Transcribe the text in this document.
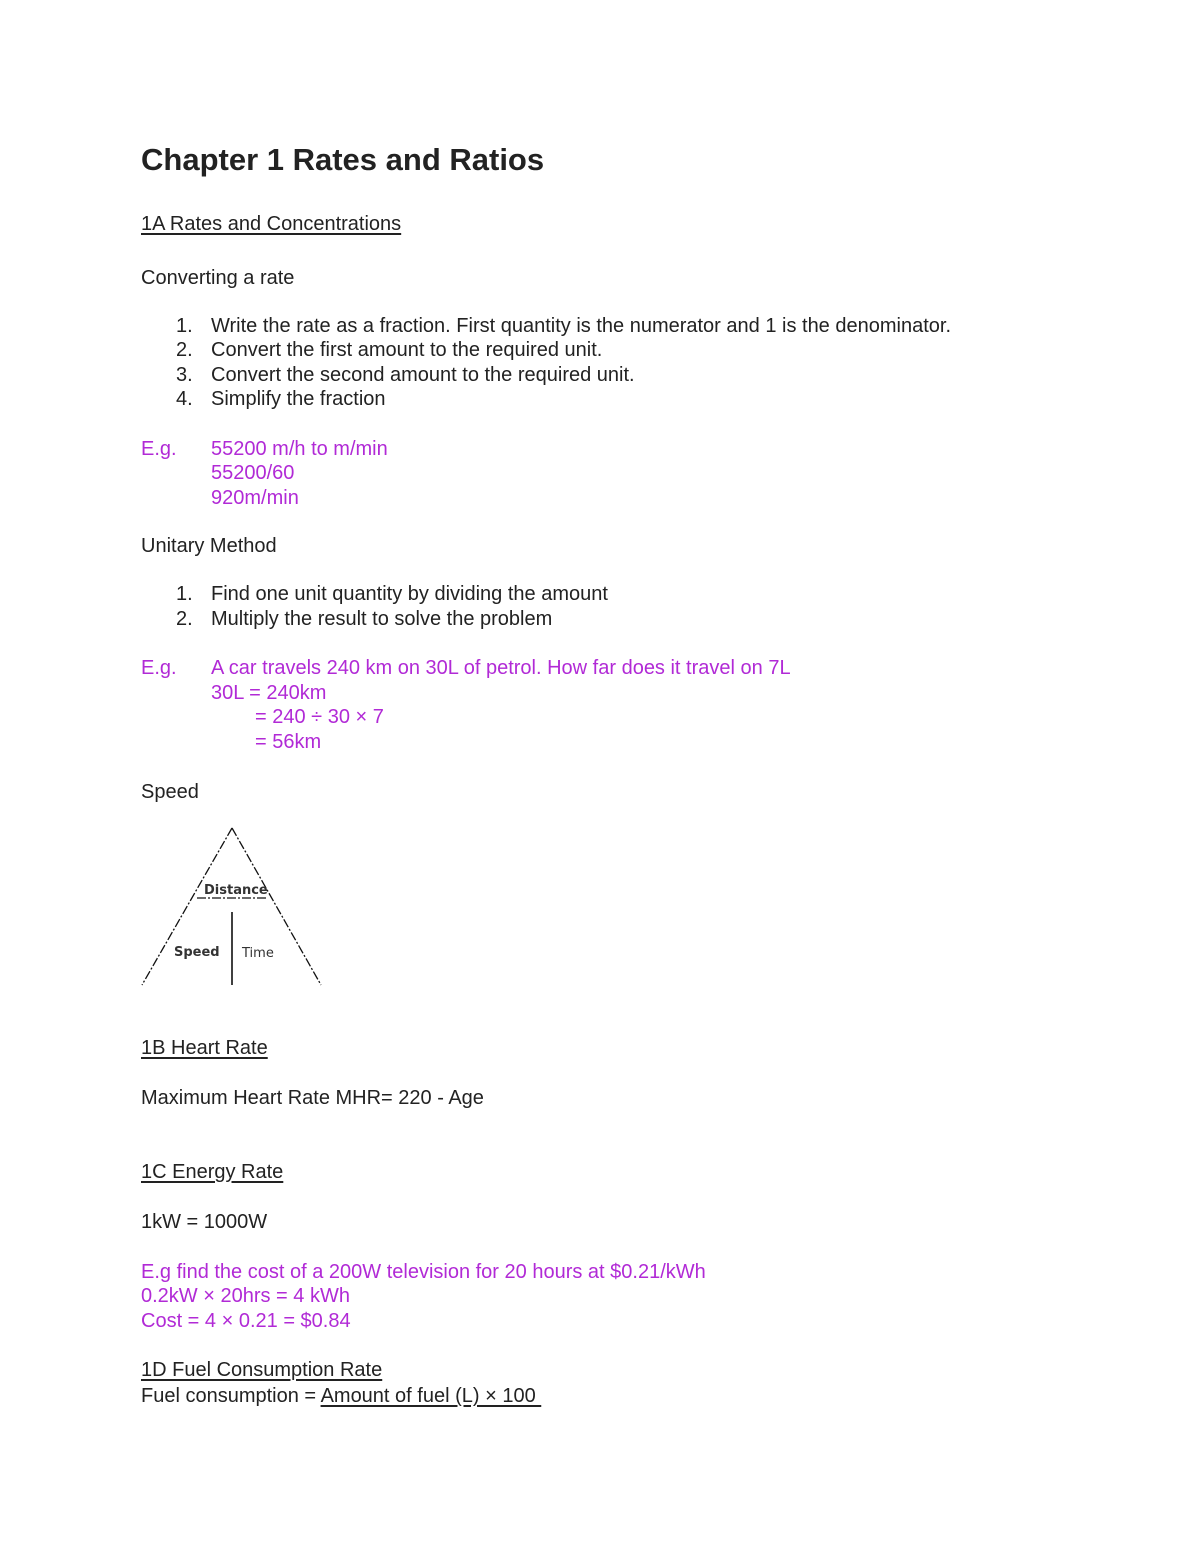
Chapter 1 Rates and Ratios
1A Rates and Concentrations
Converting a rate
1. Write the rate as a fraction. First quantity is the numerator and 1 is the denominator.
2. Convert the first amount to the required unit.
3. Convert the second amount to the required unit.
4. Simplify the fraction
E.g. 55200 m/h to m/min
55200/60
920m/min
Unitary Method
1. Find one unit quantity by dividing the amount
2. Multiply the result to solve the problem
E.g. A car travels 240 km on 30L of petrol. How far does it travel on 7L
30L = 240km
= 240 ÷ 30 × 7
= 56km
Speed
Distance
Speed Time
1B Heart Rate
Maximum Heart Rate MHR= 220 - Age
1C Energy Rate
1kW = 1000W
E.g find the cost of a 200W television for 20 hours at $0.21/kWh
0.2kW × 20hrs = 4 kWh
Cost = 4 × 0.21 = $0.84
1D Fuel Consumption Rate
Fuel consumption = Amount of fuel (L) × 100
